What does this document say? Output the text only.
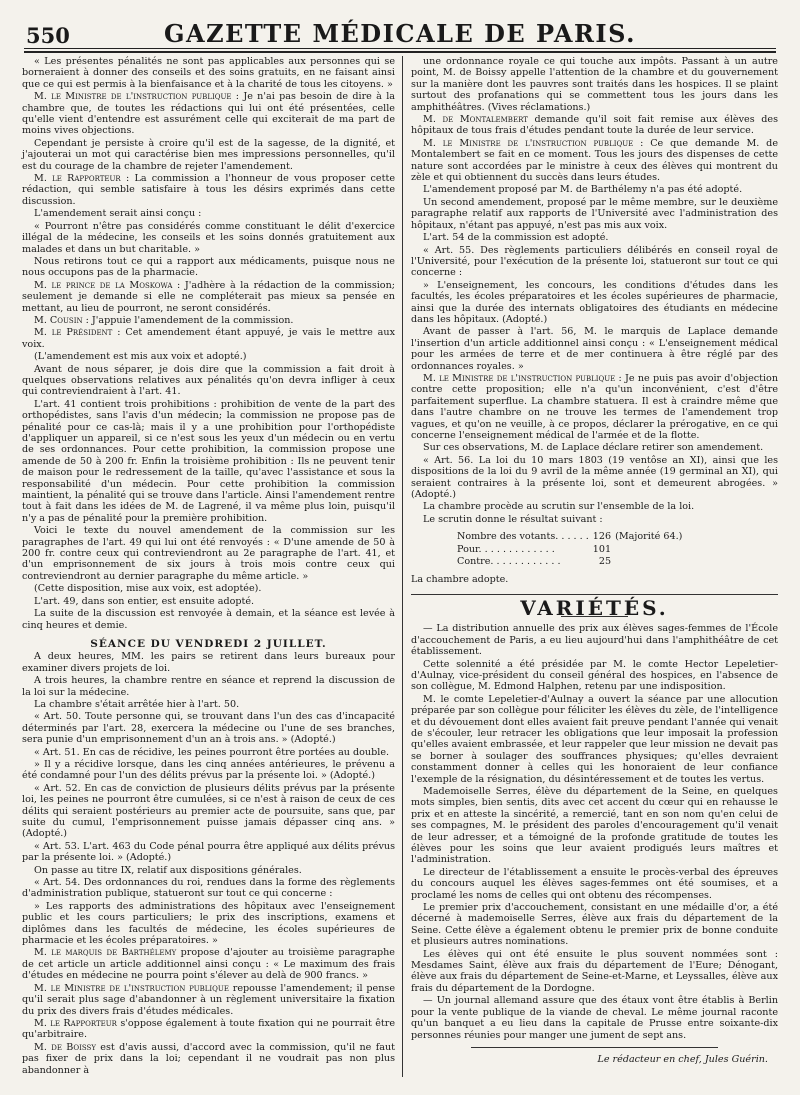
550	GAZETTE MÉDICALE DE PARIS.

« Les présentes pénalités ne sont pas applicables aux personnes qui se borneraient à donner des conseils et des soins gratuits, en ne faisant ainsi que ce qui est permis à la bienfaisance et à la charité de tous les citoyens. »

M. le Ministre de l'instruction publique : Je n'ai pas besoin de dire à la chambre que, de toutes les rédactions qui lui ont été présentées, celle qu'elle vient d'entendre est assurément celle qui exciterait de ma part de moins vives objections.

Cependant je persiste à croire qu'il est de la sagesse, de la dignité, et j'ajouterai un mot qui caractérise bien mes impressions personnelles, qu'il est du courage de la chambre de rejeter l'amendement.

M. le Rapporteur : La commission a l'honneur de vous proposer cette rédaction, qui semble satisfaire à tous les désirs exprimés dans cette discussion.

L'amendement serait ainsi conçu :

« Pourront n'être pas considérés comme constituant le délit d'exercice illégal de la médecine, les conseils et les soins donnés gratuitement aux malades et dans un but charitable. »

Nous retirons tout ce qui a rapport aux médicaments, puisque nous ne nous occupons pas de la pharmacie.

M. le prince de la Moskowa : J'adhère à la rédaction de la commission; seulement je demande si elle ne compléterait pas mieux sa pensée en mettant, au lieu de pourront, ne seront considérés.

M. Cousin : J'appuie l'amendement de la commission.

M. le Président : Cet amendement étant appuyé, je vais le mettre aux voix.

(L'amendement est mis aux voix et adopté.)

Avant de nous séparer, je dois dire que la commission a fait droit à quelques observations relatives aux pénalités qu'on devra infliger à ceux qui contreviendraient à l'art. 41.

L'art. 41 contient trois prohibitions : prohibition de vente de la part des orthopédistes, sans l'avis d'un médecin; la commission ne propose pas de pénalité pour ce cas-là; mais il y a une prohibition pour l'orthopédiste d'appliquer un appareil, si ce n'est sous les yeux d'un médecin ou en vertu de ses ordonnances. Pour cette prohibition, la commission propose une amende de 50 à 200 fr. Enfin la troisième prohibition : Ils ne peuvent tenir de maison pour le redressement de la taille, qu'avec l'assistance et sous la responsabilité d'un médecin. Pour cette prohibition la commission maintient, la pénalité qui se trouve dans l'article. Ainsi l'amendement rentre tout à fait dans les idées de M. de Lagrené, il va même plus loin, puisqu'il n'y a pas de pénalité pour la première prohibition.

Voici le texte du nouvel amendement de la commission sur les paragraphes de l'art. 49 qui lui ont été renvoyés : « D'une amende de 50 à 200 fr. contre ceux qui contreviendront au 2e paragraphe de l'art. 41, et d'un emprisonnement de six jours à trois mois contre ceux qui contreviendront au dernier paragraphe du même article. »

(Cette disposition, mise aux voix, est adoptée).

L'art. 49, dans son entier, est ensuite adopté.

La suite de la discussion est renvoyée à demain, et la séance est levée à cinq heures et demie.

SÉANCE DU VENDREDI 2 JUILLET.

A deux heures, MM. les pairs se retirent dans leurs bureaux pour examiner divers projets de loi.

A trois heures, la chambre rentre en séance et reprend la discussion de la loi sur la médecine.

La chambre s'était arrêtée hier à l'art. 50.

« Art. 50. Toute personne qui, se trouvant dans l'un des cas d'incapacité déterminés par l'art. 28, exercera la médecine ou l'une de ses branches, sera punie d'un emprisonnement d'un an à trois ans. » (Adopté.)

« Art. 51. En cas de récidive, les peines pourront être portées au double.

» Il y a récidive lorsque, dans les cinq années antérieures, le prévenu a été condamné pour l'un des délits prévus par la présente loi. » (Adopté.)

« Art. 52. En cas de conviction de plusieurs délits prévus par la présente loi, les peines ne pourront être cumulées, si ce n'est à raison de ceux de ces délits qui seraient postérieurs au premier acte de poursuite, sans que, par suite du cumul, l'emprisonnement puisse jamais dépasser cinq ans. » (Adopté.)

« Art. 53. L'art. 463 du Code pénal pourra être appliqué aux délits prévus par la présente loi. » (Adopté.)

On passe au titre IX, relatif aux dispositions générales.

« Art. 54. Des ordonnances du roi, rendues dans la forme des règlements d'administration publique, statueront sur tout ce qui concerne :

» Les rapports des administrations des hôpitaux avec l'enseignement public et les cours particuliers; le prix des inscriptions, examens et diplômes dans les facultés de médecine, les écoles supérieures de pharmacie et les écoles préparatoires. »

M. le marquis de Barthélemy propose d'ajouter au troisième paragraphe de cet article un article additionnel ainsi conçu : « Le maximum des frais d'études en médecine ne pourra point s'élever au delà de 900 francs. »

M. le Ministre de l'instruction publique repousse l'amendement; il pense qu'il serait plus sage d'abandonner à un règlement universitaire la fixation du prix des divers frais d'études médicales.

M. le Rapporteur s'oppose également à toute fixation qui ne pourrait être qu'arbitraire.

M. de Boissy est d'avis aussi, d'accord avec la commission, qu'il ne faut pas fixer de prix dans la loi; cependant il ne voudrait pas non plus abandonner à

une ordonnance royale ce qui touche aux impôts. Passant à un autre point, M. de Boissy appelle l'attention de la chambre et du gouvernement sur la manière dont les pauvres sont traités dans les hospices. Il se plaint surtout des profanations qui se commettent tous les jours dans les amphithéâtres. (Vives réclamations.)

M. de Montalembert demande qu'il soit fait remise aux élèves des hôpitaux de tous frais d'études pendant toute la durée de leur service.

M. le Ministre de l'instruction publique : Ce que demande M. de Montalembert se fait en ce moment. Tous les jours des dispenses de cette nature sont accordées par le ministre à ceux des élèves qui montrent du zèle et qui obtiennent du succès dans leurs études.

L'amendement proposé par M. de Barthélemy n'a pas été adopté.

Un second amendement, proposé par le même membre, sur le deuxième paragraphe relatif aux rapports de l'Université avec l'administration des hôpitaux, n'étant pas appuyé, n'est pas mis aux voix.

L'art. 54 de la commission est adopté.

« Art. 55. Des règlements particuliers délibérés en conseil royal de l'Université, pour l'exécution de la présente loi, statueront sur tout ce qui concerne :

» L'enseignement, les concours, les conditions d'études dans les facultés, les écoles préparatoires et les écoles supérieures de pharmacie, ainsi que la durée des internats obligatoires des étudiants en médecine dans les hôpitaux. (Adopté.)

Avant de passer à l'art. 56, M. le marquis de Laplace demande l'insertion d'un article additionnel ainsi conçu : « L'enseignement médical pour les armées de terre et de mer continuera à être réglé par des ordonnances royales. »

M. le Ministre de l'instruction publique : Je ne puis pas avoir d'objection contre cette proposition; elle n'a qu'un inconvénient, c'est d'être parfaitement superflue. La chambre statuera. Il est à craindre même que dans l'autre chambre on ne trouve les termes de l'amendement trop vagues, et qu'on ne veuille, à ce propos, déclarer la prérogative, en ce qui concerne l'enseignement médical de l'armée et de la flotte.

Sur ces observations, M. de Laplace déclare retirer son amendement.

« Art. 56. La loi du 10 mars 1803 (19 ventôse an XI), ainsi que les dispositions de la loi du 9 avril de la même année (19 germinal an XI), qui seraient contraires à la présente loi, sont et demeurent abrogées. » (Adopté.)

La chambre procède au scrutin sur l'ensemble de la loi.

Le scrutin donne le résultat suivant :

Nombre des votants. . . . . .	126	(Majorité 64.)
Pour. . . . . . . . . . . . .	101	
Contre. . . . . . . . . . . .	25	

La chambre adopte.

VARIÉTÉS.

— La distribution annuelle des prix aux élèves sages-femmes de l'École d'accouchement de Paris, a eu lieu aujourd'hui dans l'amphithéâtre de cet établissement.

Cette solennité a été présidée par M. le comte Hector Lepeletier-d'Aulnay, vice-président du conseil général des hospices, en l'absence de son collègue, M. Edmond Halphen, retenu par une indisposition.

M. le comte Lepeletier-d'Aulnay a ouvert la séance par une allocution préparée par son collègue pour féliciter les élèves du zèle, de l'intelligence et du dévouement dont elles avaient fait preuve pendant l'année qui venait de s'écouler, leur retracer les obligations que leur imposait la profession qu'elles avaient embrassée, et leur rappeler que leur mission ne devait pas se borner à soulager des souffrances physiques; qu'elles devraient constamment donner à celles qui les honoraient de leur confiance l'exemple de la résignation, du désintéressement et de toutes les vertus.

Mademoiselle Serres, élève du département de la Seine, en quelques mots simples, bien sentis, dits avec cet accent du cœur qui en rehausse le prix et en atteste la sincérité, a remercié, tant en son nom qu'en celui de ses compagnes, M. le président des paroles d'encouragement qu'il venait de leur adresser, et a témoigné de la profonde gratitude de toutes les élèves pour les soins que leur avaient prodigués leurs maîtres et l'administration.

Le directeur de l'établissement a ensuite le procès-verbal des épreuves du concours auquel les élèves sages-femmes ont été soumises, et a proclamé les noms de celles qui ont obtenu des récompenses.

Le premier prix d'accouchement, consistant en une médaille d'or, a été décerné à mademoiselle Serres, élève aux frais du département de la Seine. Cette élève a également obtenu le premier prix de bonne conduite et plusieurs autres nominations.

Les élèves qui ont été ensuite le plus souvent nommées sont : Mesdames Saint, élève aux frais du département de l'Eure; Dénogant, élève aux frais du département de Seine-et-Marne, et Leyssalles, élève aux frais du département de la Dordogne.

— Un journal allemand assure que des étaux vont être établis à Berlin pour la vente publique de la viande de cheval. Le même journal raconte qu'un banquet a eu lieu dans la capitale de Prusse entre soixante-dix personnes réunies pour manger une jument de sept ans.

Le rédacteur en chef, Jules Guérin.
